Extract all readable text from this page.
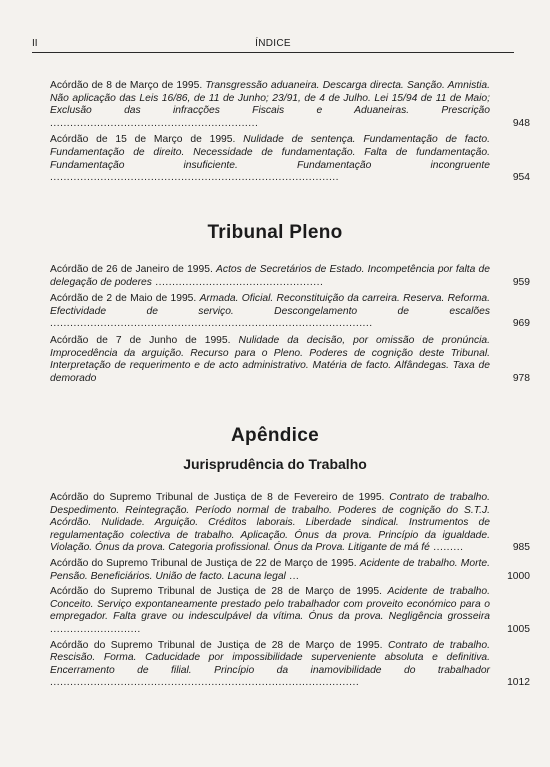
II	ÍNDICE
Acórdão de 8 de Março de 1995. Transgressão aduaneira. Descarga directa. Sanção. Amnistia. Não aplicação das Leis 16/86, de 11 de Junho; 23/91, de 4 de Julho. Lei 15/94 de 11 de Maio; Exclusão das infracções Fiscais e Aduaneiras. Prescrição ..............................................................	948
Acórdão de 15 de Março de 1995. Nulidade de sentença. Fundamentação de facto. Fundamentação de direito. Necessidade de fundamentação. Falta de fundamentação. Fundamentação insuficiente. Fundamentação incongruente ......................................................................................	954
Tribunal Pleno
Acórdão de 26 de Janeiro de 1995. Actos de Secretários de Estado. Incompetência por falta de delegação de poderes ..................................................	959
Acórdão de 2 de Maio de 1995. Armada. Oficial. Reconstituição da carreira. Reserva. Reforma. Efectividade de serviço. Descongelamento de escalões ................................................................................................	969
Acórdão de 7 de Junho de 1995. Nulidade da decisão, por omissão de pronúncia. Improcedência da arguição. Recurso para o Pleno. Poderes de cognição deste Tribunal. Interpretação de requerimento e de acto administrativo. Matéria de facto. Alfândegas. Taxa de demorado	978
Apêndice
Jurisprudência do Trabalho
Acórdão do Supremo Tribunal de Justiça de 8 de Fevereiro de 1995. Contrato de trabalho. Despedimento. Reintegração. Período normal de trabalho. Poderes de cognição do S.T.J. Acórdão. Nulidade. Arguição. Créditos laborais. Liberdade sindical. Instrumentos de regulamentação colectiva de trabalho. Aplicação. Ónus da prova. Princípio da igualdade. Violação. Ónus da prova. Categoria profissional. Ónus da Prova. Litigante de má fé .........	985
Acórdão do Supremo Tribunal de Justiça de 22 de Março de 1995. Acidente de trabalho. Morte. Pensão. Beneficiários. União de facto. Lacuna legal ...	1000
Acórdão do Supremo Tribunal de Justiça de 28 de Março de 1995. Acidente de trabalho. Conceito. Serviço expontaneamente prestado pelo trabalhador com proveito económico para o empregador. Falta grave ou indesculpável da vítima. Ónus da prova. Negligência grosseira ...........................	1005
Acórdão do Supremo Tribunal de Justiça de 28 de Março de 1995. Contrato de trabalho. Rescisão. Forma. Caducidade por impossibilidade superveniente absoluta e definitiva. Encerramento de filial. Princípio da inamovibilidade do trabalhador ............................................................................................	1012
